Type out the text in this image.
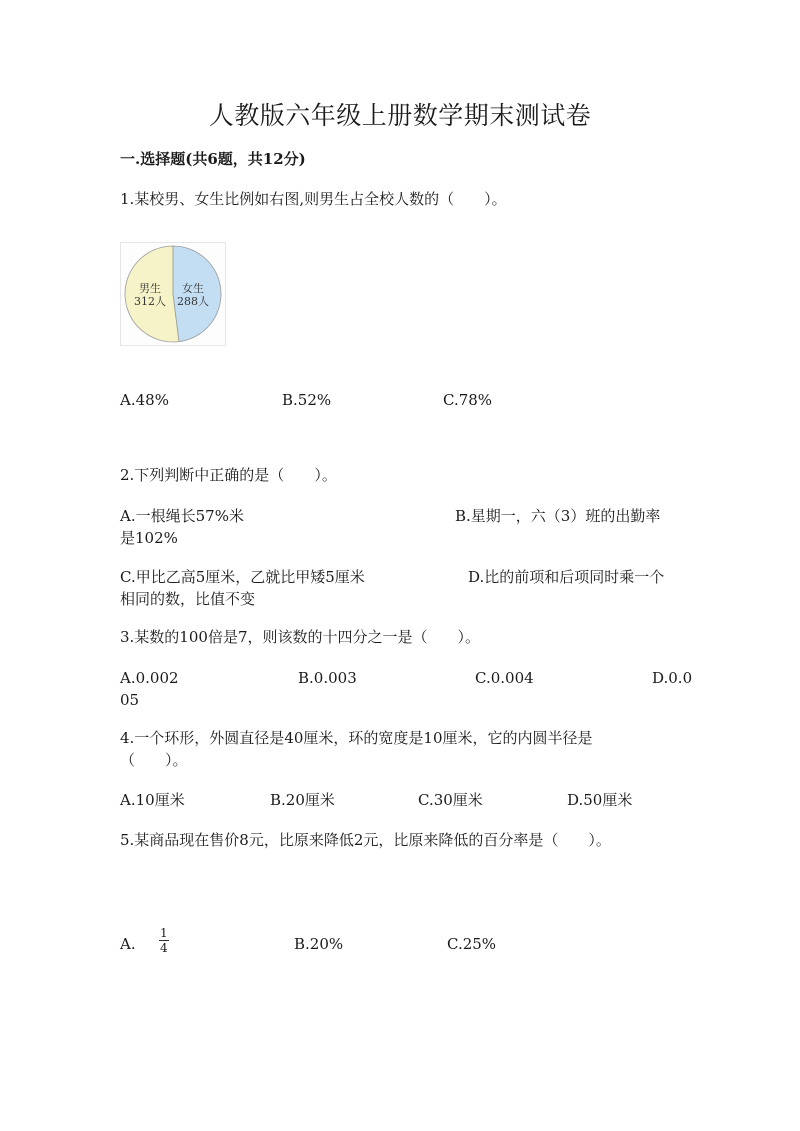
人教版六年级上册数学期末测试卷
一.选择题(共6题，共12分)
1.某校男、女生比例如右图,则男生占全校人数的（　　）。
男生
312人
女生
288人
A.48%	B.52%	C.78%
2.下列判断中正确的是（　　）。
A.一根绳长57%米	B.星期一，六（3）班的出勤率
是102%
C.甲比乙高5厘米，乙就比甲矮5厘米	D.比的前项和后项同时乘一个
相同的数，比值不变
3.某数的100倍是7，则该数的十四分之一是（　　）。
A.0.002	B.0.003	C.0.004	D.0.0
05
4.一个环形，外圆直径是40厘米，环的宽度是10厘米，它的内圆半径是
（　　）。
A.10厘米	B.20厘米	C.30厘米	D.50厘米
5.某商品现在售价8元，比原来降低2元，比原来降低的百分率是（　　）。
A. $\frac{1}{4}$	B.20%	C.25%
